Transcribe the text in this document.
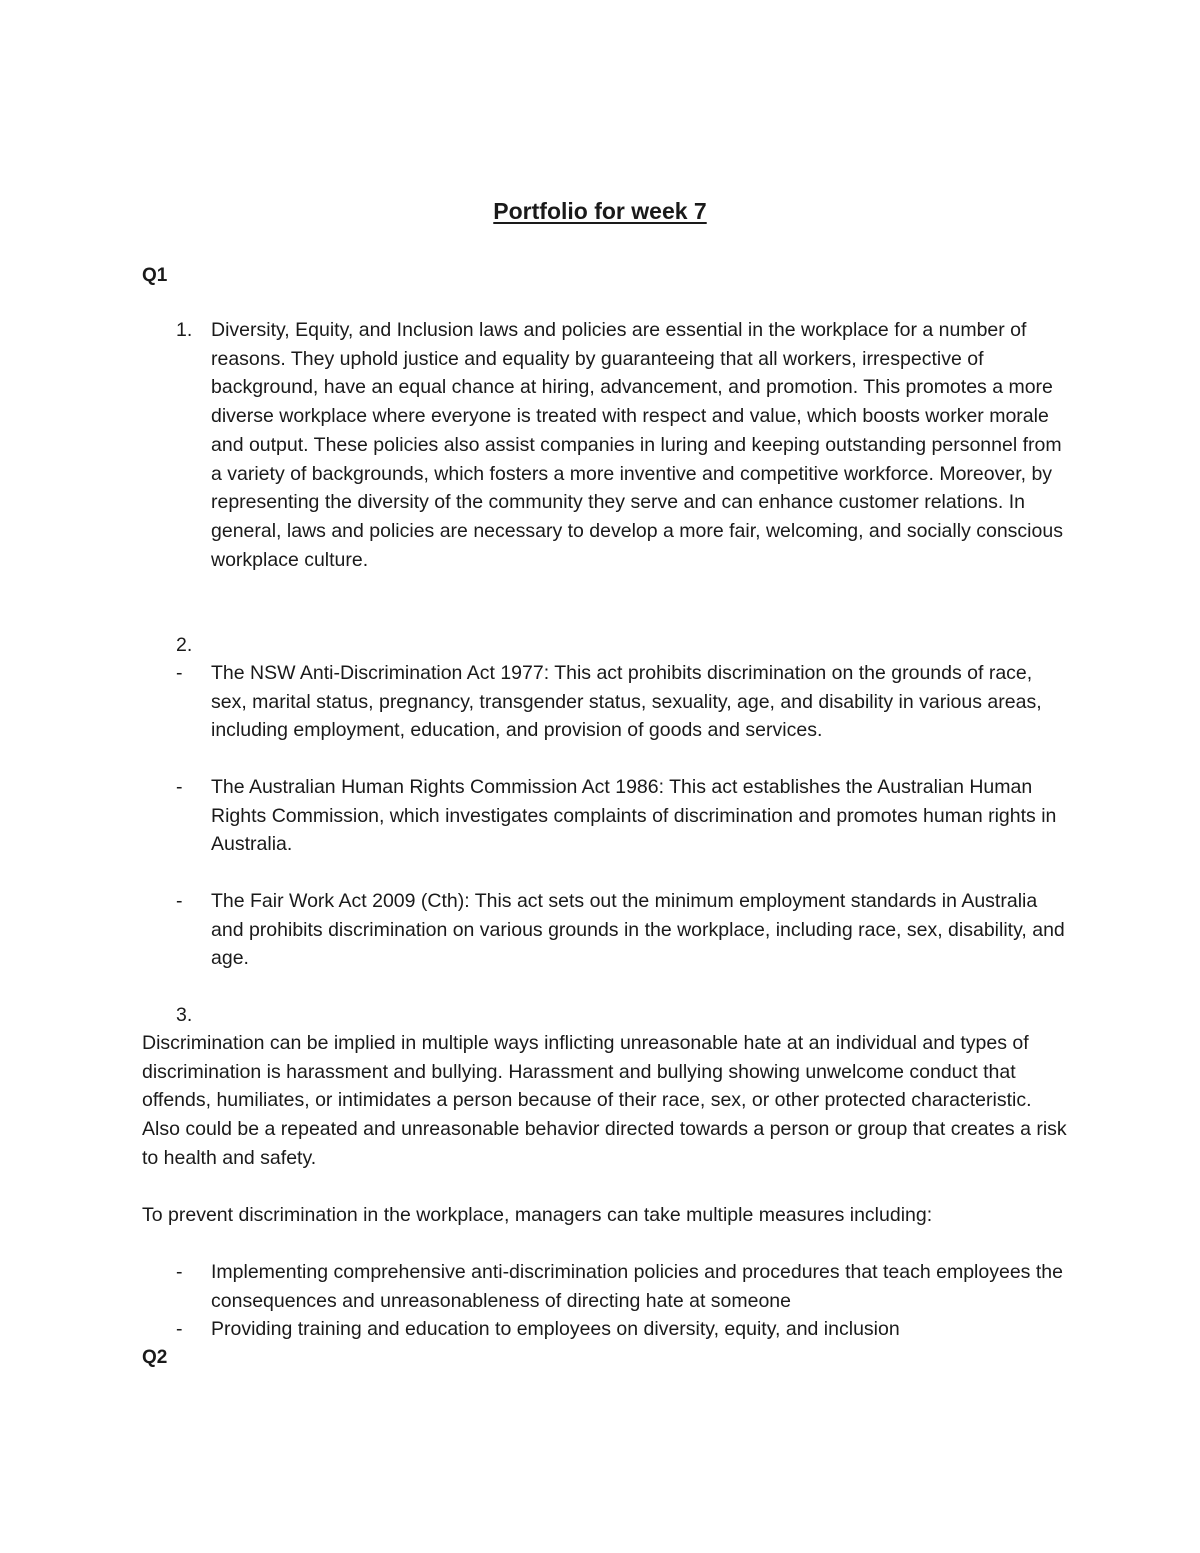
Portfolio for week 7
Q1
1. Diversity, Equity, and Inclusion laws and policies are essential in the workplace for a number of reasons. They uphold justice and equality by guaranteeing that all workers, irrespective of background, have an equal chance at hiring, advancement, and promotion. This promotes a more diverse workplace where everyone is treated with respect and value, which boosts worker morale and output. These policies also assist companies in luring and keeping outstanding personnel from a variety of backgrounds, which fosters a more inventive and competitive workforce. Moreover, by representing the diversity of the community they serve and can enhance customer relations. In general, laws and policies are necessary to develop a more fair, welcoming, and socially conscious workplace culture.
2.
- The NSW Anti-Discrimination Act 1977: This act prohibits discrimination on the grounds of race, sex, marital status, pregnancy, transgender status, sexuality, age, and disability in various areas, including employment, education, and provision of goods and services.
- The Australian Human Rights Commission Act 1986: This act establishes the Australian Human Rights Commission, which investigates complaints of discrimination and promotes human rights in Australia.
- The Fair Work Act 2009 (Cth): This act sets out the minimum employment standards in Australia and prohibits discrimination on various grounds in the workplace, including race, sex, disability, and age.
3.
Discrimination can be implied in multiple ways inflicting unreasonable hate at an individual and types of discrimination is harassment and bullying. Harassment and bullying showing unwelcome conduct that offends, humiliates, or intimidates a person because of their race, sex, or other protected characteristic. Also could be a repeated and unreasonable behavior directed towards a person or group that creates a risk to health and safety.
To prevent discrimination in the workplace, managers can take multiple measures including:
- Implementing comprehensive anti-discrimination policies and procedures that teach employees the consequences and unreasonableness of directing hate at someone
- Providing training and education to employees on diversity, equity, and inclusion
Q2
